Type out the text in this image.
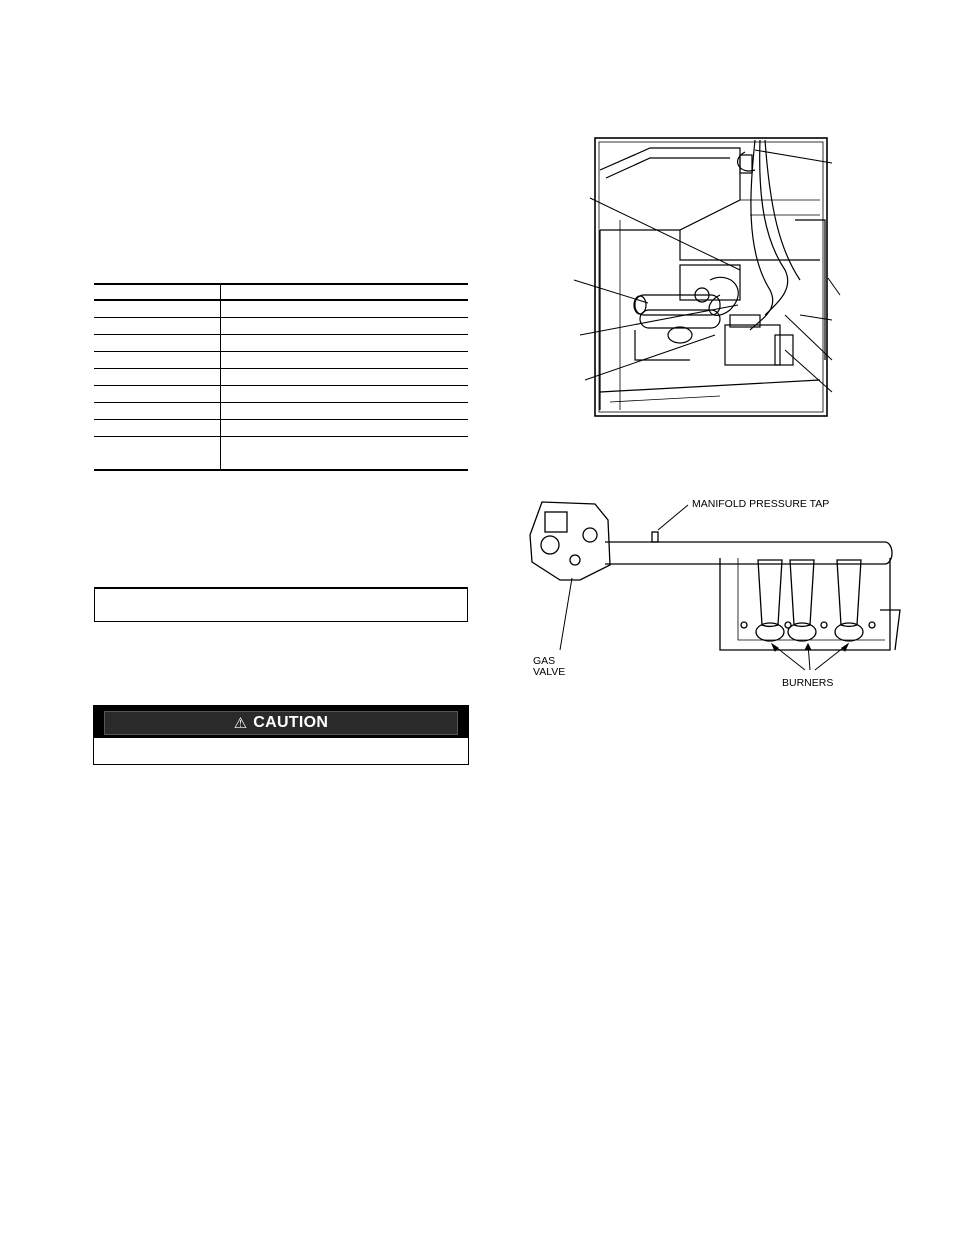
⚠ CAUTION
MANIFOLD PRESSURE TAP
GAS
VALVE
BURNERS
